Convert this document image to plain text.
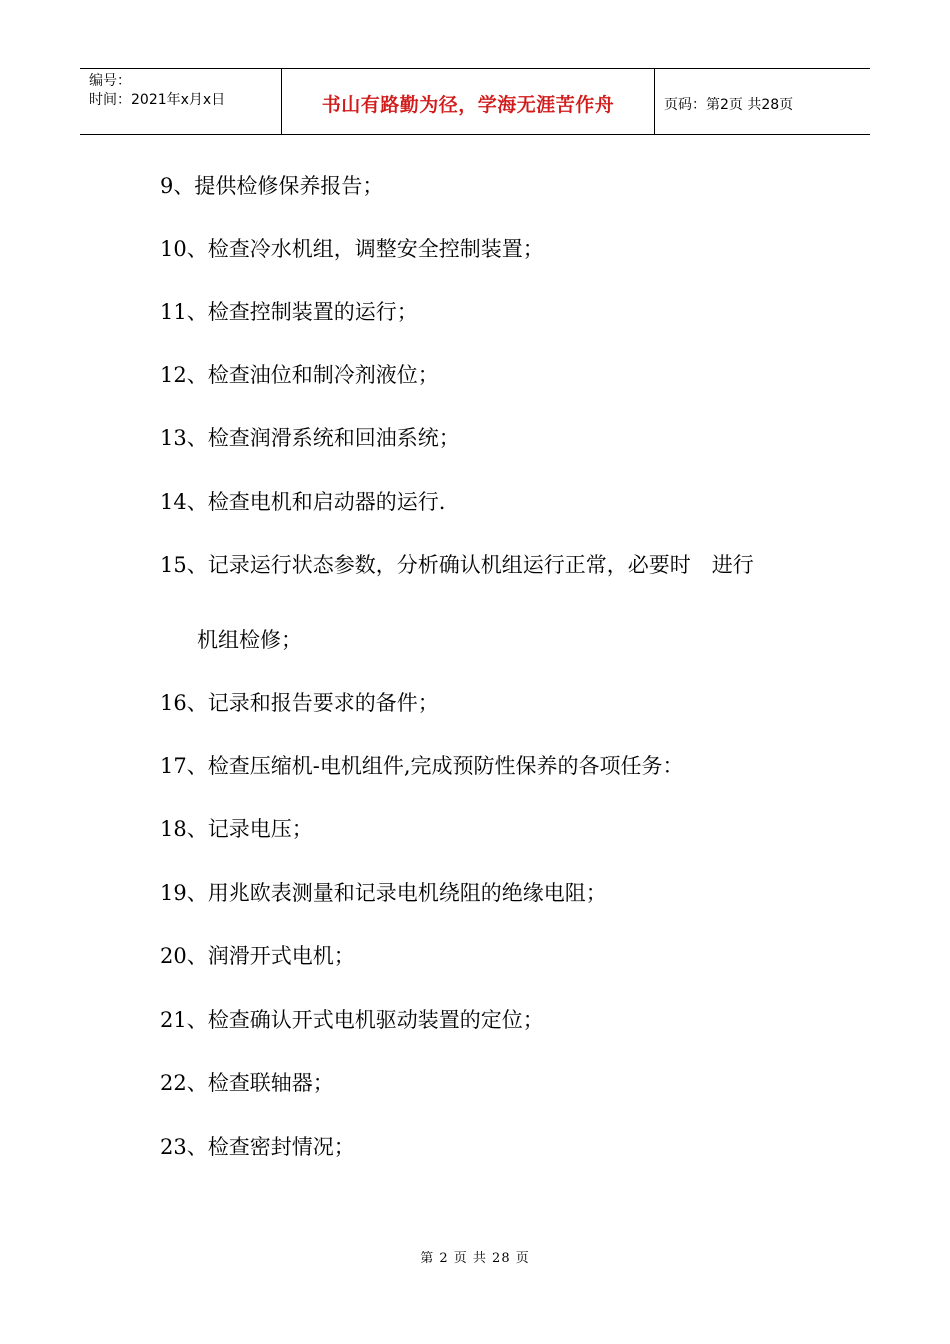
编号：
时间：2021年x月x日	书山有路勤为径，学海无涯苦作舟	页码：第2页 共28页
9、提供检修保养报告；
10、检查冷水机组，调整安全控制装置；
11、检查控制装置的运行；
12、检查油位和制冷剂液位；
13、检查润滑系统和回油系统；
14、检查电机和启动器的运行.
15、记录运行状态参数，分析确认机组运行正常，必要时　进行
机组检修；
16、记录和报告要求的备件；
17、检查压缩机-电机组件,完成预防性保养的各项任务：
18、记录电压；
19、用兆欧表测量和记录电机绕阻的绝缘电阻；
20、润滑开式电机；
21、检查确认开式电机驱动装置的定位；
22、检查联轴器；
23、检查密封情况；
第 2 页 共 28 页
